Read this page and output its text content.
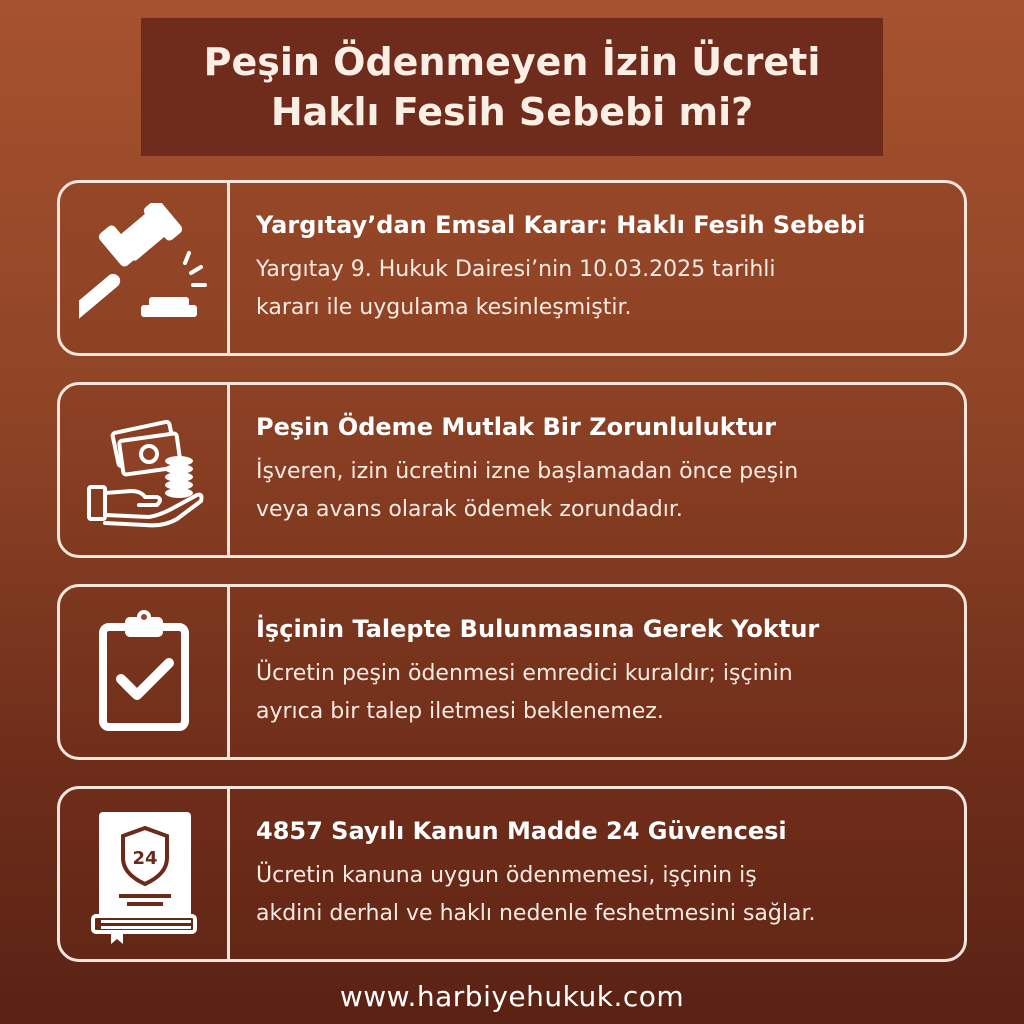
Peşin Ödenmeyen İzin Ücreti
Haklı Fesih Sebebi mi?
Yargıtay’dan Emsal Karar: Haklı Fesih Sebebi
Yargıtay 9. Hukuk Dairesi’nin 10.03.2025 tarihli
kararı ile uygulama kesinleşmiştir.
Peşin Ödeme Mutlak Bir Zorunluluktur
İşveren, izin ücretini izne başlamadan önce peşin
veya avans olarak ödemek zorundadır.
İşçinin Talepte Bulunmasına Gerek Yoktur
Ücretin peşin ödenmesi emredici kuraldır; işçinin
ayrıca bir talep iletmesi beklenemez.
24
4857 Sayılı Kanun Madde 24 Güvencesi
Ücretin kanuna uygun ödenmemesi, işçinin iş
akdini derhal ve haklı nedenle feshetmesini sağlar.
www.harbiyehukuk.com
